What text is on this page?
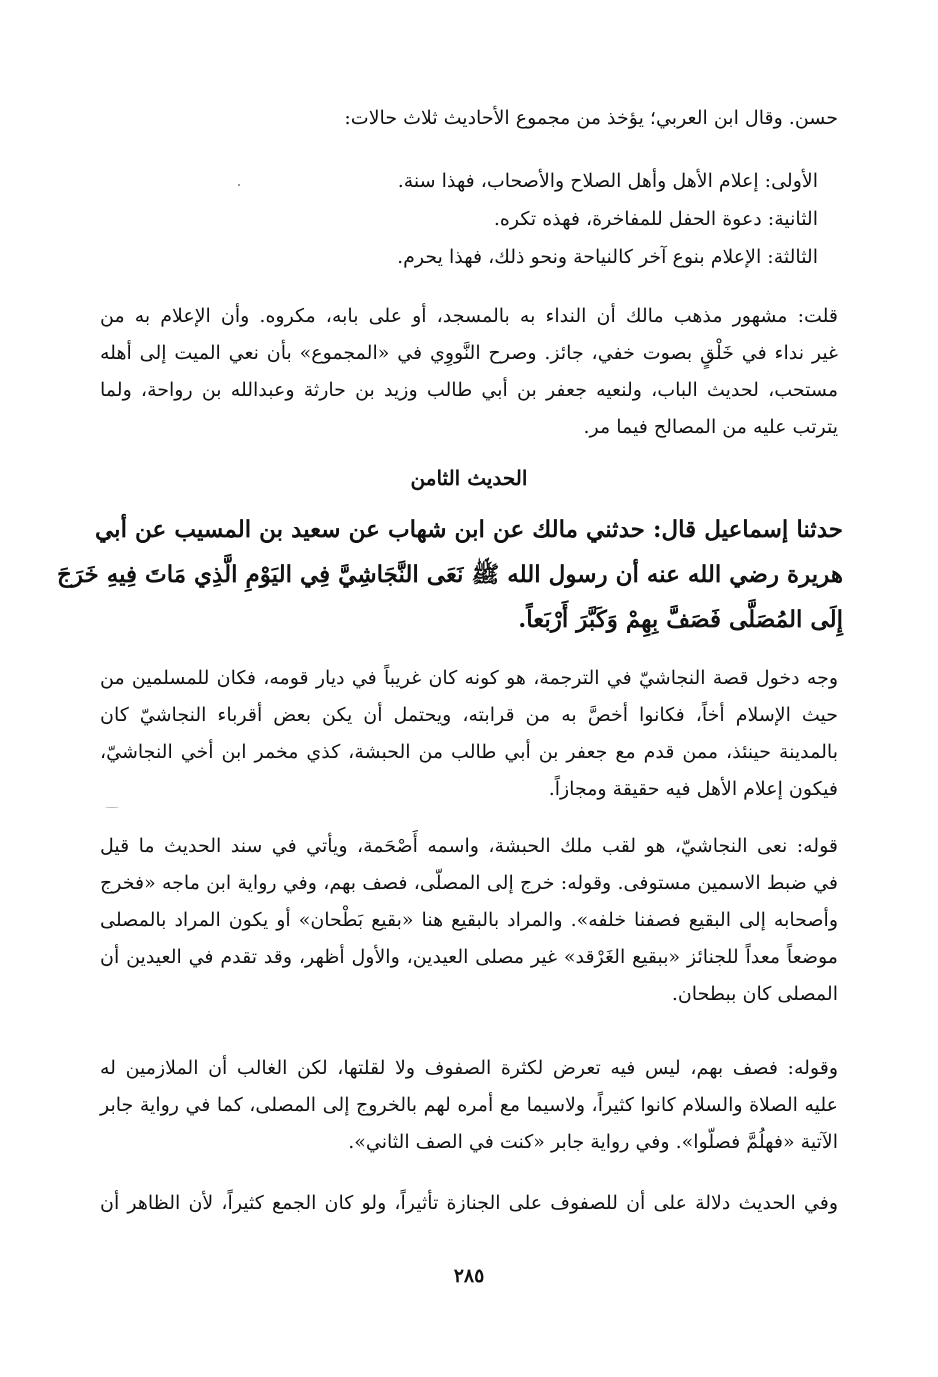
حسن. وقال ابن العربي؛ يؤخذ من مجموع الأحاديث ثلاث حالات:
الأولى: إعلام الأهل وأهل الصلاح والأصحاب، فهذا سنة.
الثانية: دعوة الحفل للمفاخرة، فهذه تكره.
الثالثة: الإعلام بنوع آخر كالنياحة ونحو ذلك، فهذا يحرم.
قلت: مشهور مذهب مالك أن النداء به بالمسجد، أو على بابه، مكروه. وأن الإعلام به من
غير نداء في خَلْقٍ بصوت خفي، جائز. وصرح النَّووِي في «المجموع» بأن نعي الميت إلى أهله
مستحب، لحديث الباب، ولنعيه جعفر بن أبي طالب وزيد بن حارثة وعبدالله بن رواحة، ولما
يترتب عليه من المصالح فيما مر.
الحديث الثامن
حدثنا إسماعيل قال: حدثني مالك عن ابن شهاب عن سعيد بن المسيب عن أبي
هريرة رضي الله عنه أن رسول الله ﷺ نَعَى النَّجَاشِيَّ فِي اليَوْمِ الَّذِي مَاتَ فِيهِ خَرَجَ
إِلَى المُصَلَّى فَصَفَّ بِهِمْ وَكَبَّرَ أَرْبَعاً.
وجه دخول قصة النجاشيّ في الترجمة، هو كونه كان غريباً في ديار قومه، فكان للمسلمين من
حيث الإسلام أخاً، فكانوا أخصَّ به من قرابته، ويحتمل أن يكن بعض أقرباء النجاشيّ كان
بالمدينة حينئذ، ممن قدم مع جعفر بن أبي طالب من الحبشة، كذي مخمر ابن أخي النجاشيّ،
فيكون إعلام الأهل فيه حقيقة ومجازاً.
قوله: نعى النجاشيّ، هو لقب ملك الحبشة، واسمه أَصْحَمة، ويأتي في سند الحديث ما قيل
في ضبط الاسمين مستوفى. وقوله: خرج إلى المصلّى، فصف بهم، وفي رواية ابن ماجه «فخرج
وأصحابه إلى البقيع فصفنا خلفه». والمراد بالبقيع هنا «بقيع بَطْحان» أو يكون المراد بالمصلى
موضعاً معداً للجنائز «ببقيع الغَرْقد» غير مصلى العيدين، والأول أظهر، وقد تقدم في العيدين أن
المصلى كان ببطحان.
وقوله: فصف بهم، ليس فيه تعرض لكثرة الصفوف ولا لقلتها، لكن الغالب أن الملازمين له
عليه الصلاة والسلام كانوا كثيراً، ولاسيما مع أمره لهم بالخروج إلى المصلى، كما في رواية جابر
الآتية «فهلُمَّ فصلّوا». وفي رواية جابر «كنت في الصف الثاني».
وفي الحديث دلالة على أن للصفوف على الجنازة تأثيراً، ولو كان الجمع كثيراً، لأن الظاهر أن
٢٨٥
